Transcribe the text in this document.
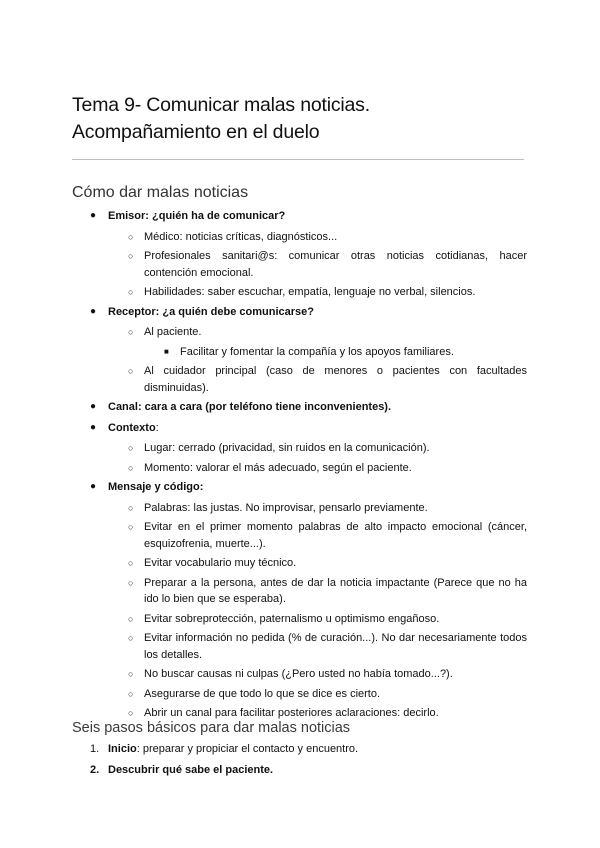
Tema 9- Comunicar malas noticias.
Acompañamiento en el duelo
Cómo dar malas noticias
● Emisor: ¿quién ha de comunicar?
○ Médico: noticias críticas, diagnósticos...
○ Profesionales sanitari@s: comunicar otras noticias cotidianas, hacer contención emocional.
○ Habilidades: saber escuchar, empatía, lenguaje no verbal, silencios.
● Receptor: ¿a quién debe comunicarse?
○ Al paciente.
■ Facilitar y fomentar la compañía y los apoyos familiares.
○ Al cuidador principal (caso de menores o pacientes con facultades disminuidas).
● Canal: cara a cara (por teléfono tiene inconvenientes).
● Contexto:
○ Lugar: cerrado (privacidad, sin ruidos en la comunicación).
○ Momento: valorar el más adecuado, según el paciente.
● Mensaje y código:
○ Palabras: las justas. No improvisar, pensarlo previamente.
○ Evitar en el primer momento palabras de alto impacto emocional (cáncer, esquizofrenia, muerte...).
○ Evitar vocabulario muy técnico.
○ Preparar a la persona, antes de dar la noticia impactante (Parece que no ha ido lo bien que se esperaba).
○ Evitar sobreprotección, paternalismo u optimismo engañoso.
○ Evitar información no pedida (% de curación...). No dar necesariamente todos los detalles.
○ No buscar causas ni culpas (¿Pero usted no había tomado...?).
○ Asegurarse de que todo lo que se dice es cierto.
○ Abrir un canal para facilitar posteriores aclaraciones: decirlo.
Seis pasos básicos para dar malas noticias
1. Inicio: preparar y propiciar el contacto y encuentro.
2. Descubrir qué sabe el paciente.
